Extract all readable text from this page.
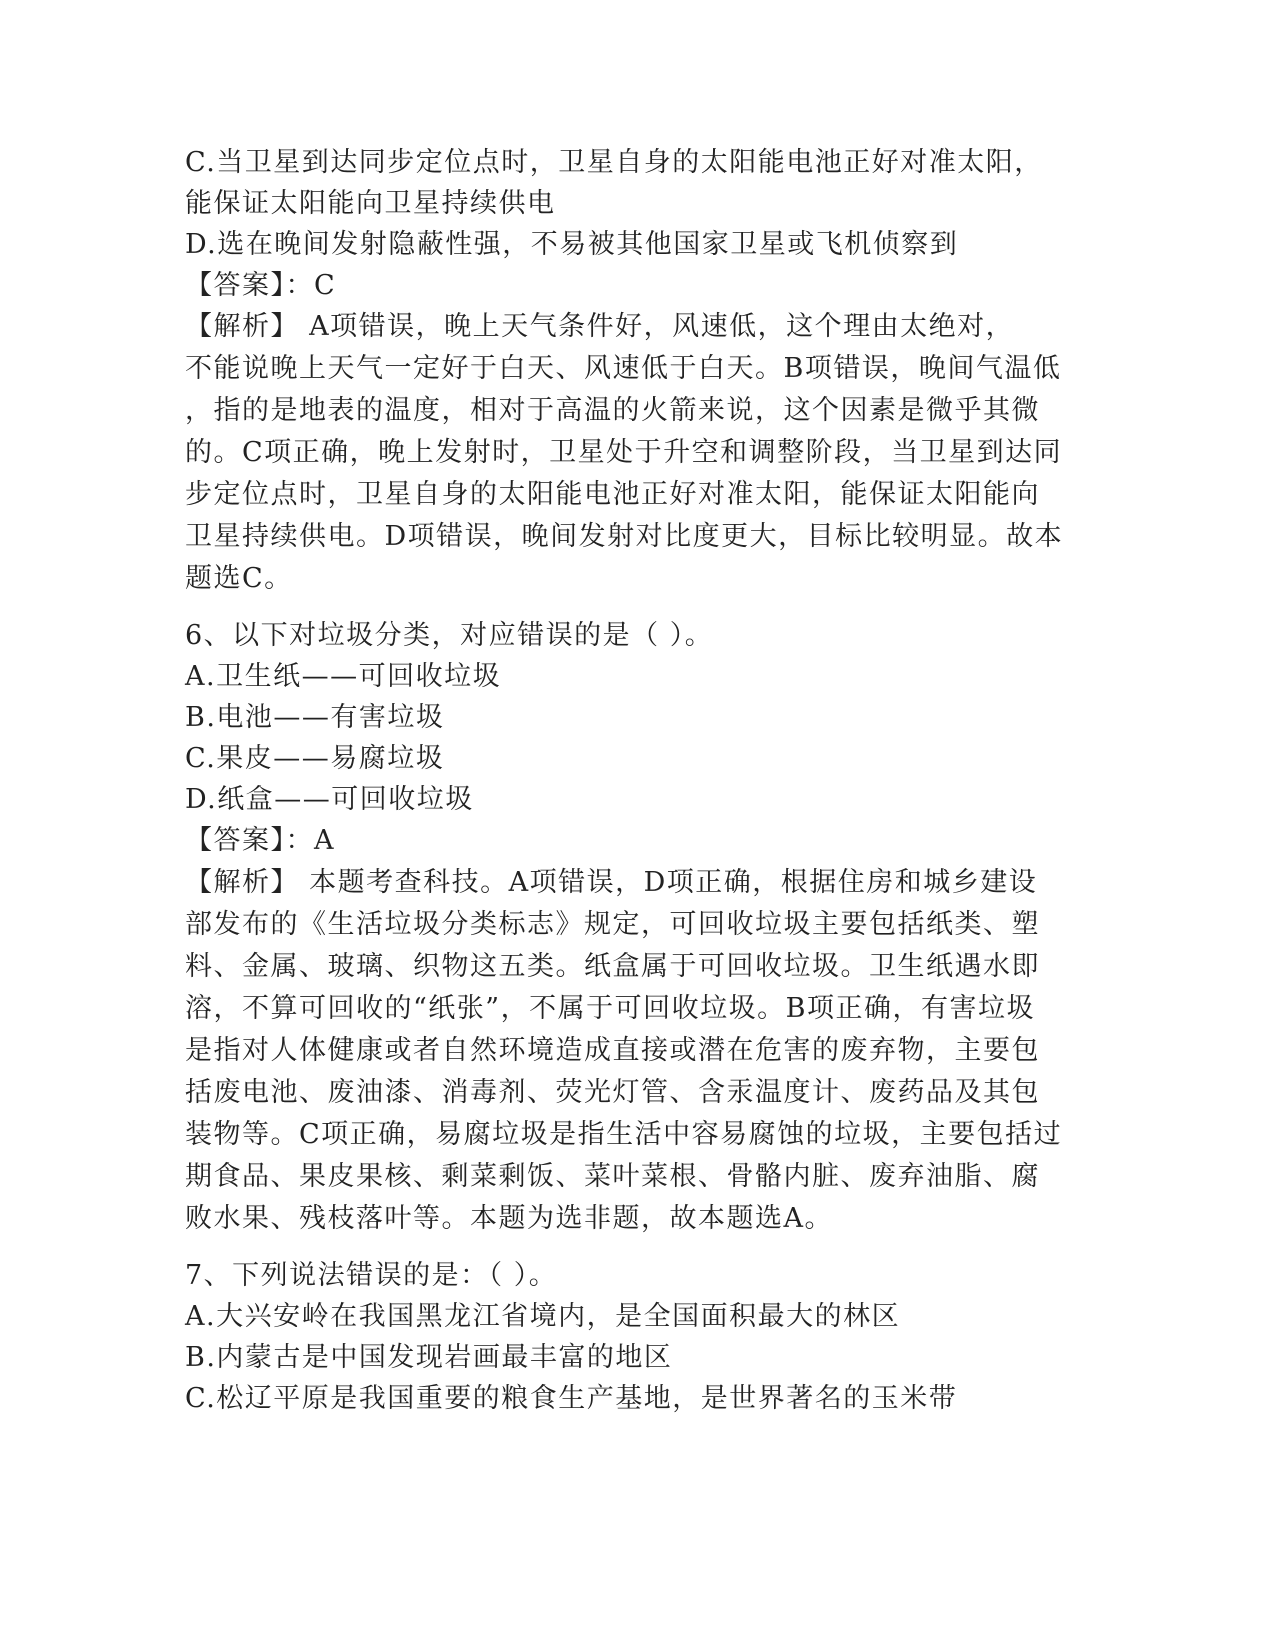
C.当卫星到达同步定位点时，卫星自身的太阳能电池正好对准太阳，
能保证太阳能向卫星持续供电
D.选在晚间发射隐蔽性强，不易被其他国家卫星或飞机侦察到
【答案】：C
【解析】 A项错误，晚上天气条件好，风速低，这个理由太绝对，
不能说晚上天气一定好于白天、风速低于白天。B项错误，晚间气温低
，指的是地表的温度，相对于高温的火箭来说，这个因素是微乎其微
的。C项正确，晚上发射时，卫星处于升空和调整阶段，当卫星到达同
步定位点时，卫星自身的太阳能电池正好对准太阳，能保证太阳能向
卫星持续供电。D项错误，晚间发射对比度更大，目标比较明显。故本
题选C。
6、以下对垃圾分类，对应错误的是（ ）。
A.卫生纸——可回收垃圾
B.电池——有害垃圾
C.果皮——易腐垃圾
D.纸盒——可回收垃圾
【答案】：A
【解析】 本题考查科技。A项错误，D项正确，根据住房和城乡建设
部发布的《生活垃圾分类标志》规定，可回收垃圾主要包括纸类、塑
料、金属、玻璃、织物这五类。纸盒属于可回收垃圾。卫生纸遇水即
溶，不算可回收的“纸张”，不属于可回收垃圾。B项正确，有害垃圾
是指对人体健康或者自然环境造成直接或潜在危害的废弃物，主要包
括废电池、废油漆、消毒剂、荧光灯管、含汞温度计、废药品及其包
装物等。C项正确，易腐垃圾是指生活中容易腐蚀的垃圾，主要包括过
期食品、果皮果核、剩菜剩饭、菜叶菜根、骨骼内脏、废弃油脂、腐
败水果、残枝落叶等。本题为选非题，故本题选A。
7、下列说法错误的是：（ ）。
A.大兴安岭在我国黑龙江省境内，是全国面积最大的林区
B.内蒙古是中国发现岩画最丰富的地区
C.松辽平原是我国重要的粮食生产基地，是世界著名的玉米带
